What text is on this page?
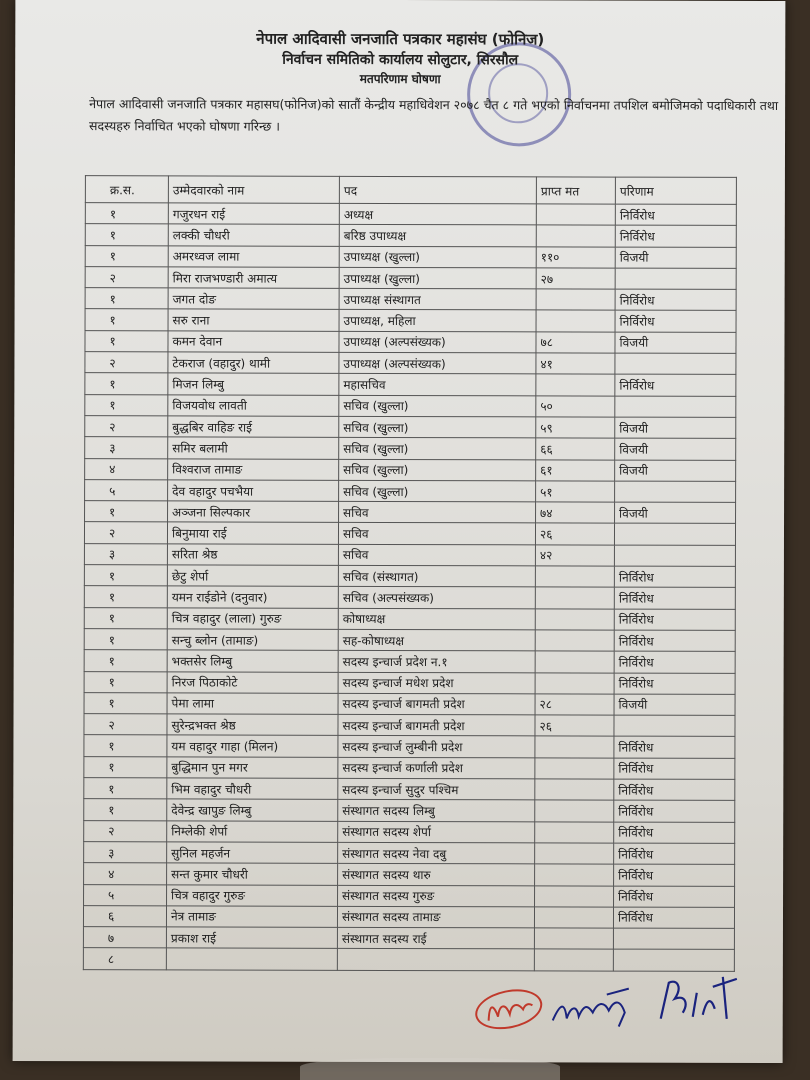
नेपाल आदिवासी जनजाति पत्रकार महासंघ (फोनिज)
निर्वाचन समितिको कार्यालय सोलुटार, सिरसौल
मतपरिणाम घोषणा
नेपाल आदिवासी जनजाति पत्रकार महासघ(फोनिज)को सातौं केन्द्रीय महाधिवेशन २०७८ चैत ८ गते भएको निर्वाचनमा तपशिल बमोजिमको पदाधिकारी तथा सदस्यहरु निर्वाचित भएको घोषणा गरिन्छ ।
क्र.स.	उम्मेदवारको नाम	पद	प्राप्त मत	परिणाम
१	गजुरधन राई	अध्यक्ष		निर्विरोध
१	लक्की चौधरी	बरिष्ठ उपाध्यक्ष		निर्विरोध
१	अमरध्वज लामा	उपाध्यक्ष (खुल्ला)	११०	विजयी
२	मिरा राजभण्डारी अमात्य	उपाध्यक्ष (खुल्ला)	२७	
१	जगत दोङ	उपाध्यक्ष संस्थागत		निर्विरोध
१	सरु राना	उपाध्यक्ष, महिला		निर्विरोध
१	कमन देवान	उपाध्यक्ष (अल्पसंख्यक)	७८	विजयी
२	टेकराज (वहादुर) थामी	उपाध्यक्ष (अल्पसंख्यक)	४१	
१	मिजन लिम्बु	महासचिव		निर्विरोध
१	विजयवोध लावती	सचिव (खुल्ला)	५०	
२	बुद्धबिर वाहिङ राई	सचिव (खुल्ला)	५९	विजयी
३	समिर बलामी	सचिव (खुल्ला)	६६	विजयी
४	विश्वराज तामाङ	सचिव (खुल्ला)	६१	विजयी
५	देव वहादुर पचभैया	सचिव (खुल्ला)	५१	
१	अञ्जना सिल्पकार	सचिव	७४	विजयी
२	बिनुमाया राई	सचिव	२६	
३	सरिता श्रेष्ठ	सचिव	४२	
१	छेटु शेर्पा	सचिव (संस्थागत)		निर्विरोध
१	यमन राईडोने (दनुवार)	सचिव (अल्पसंख्यक)		निर्विरोध
१	चित्र वहादुर (लाला) गुरुङ	कोषाध्यक्ष		निर्विरोध
१	सन्चु ब्लोन (तामाङ)	सह-कोषाध्यक्ष		निर्विरोध
१	भक्तसेर लिम्बु	सदस्य इन्चार्ज प्रदेश न.१		निर्विरोध
१	निरज पिठाकोटे	सदस्य इन्चार्ज मधेश प्रदेश		निर्विरोध
१	पेमा लामा	सदस्य इन्चार्ज बागमती प्रदेश	२८	विजयी
२	सुरेन्द्रभक्त श्रेष्ठ	सदस्य इन्चार्ज बागमती प्रदेश	२६	
१	यम वहादुर गाहा (मिलन)	सदस्य इन्चार्ज लुम्बीनी प्रदेश		निर्विरोध
१	बुद्धिमान पुन मगर	सदस्य इन्चार्ज कर्णाली प्रदेश		निर्विरोध
१	भिम वहादुर चौधरी	सदस्य इन्चार्ज सुदुर पश्चिम		निर्विरोध
१	देवेन्द्र खापुङ लिम्बु	संस्थागत सदस्य लिम्बु		निर्विरोध
२	निम्लेकी शेर्पा	संस्थागत सदस्य शेर्पा		निर्विरोध
३	सुनिल महर्जन	संस्थागत सदस्य नेवा दबु		निर्विरोध
४	सन्त कुमार चौधरी	संस्थागत सदस्य थारु		निर्विरोध
५	चित्र वहादुर गुरुङ	संस्थागत सदस्य गुरुङ		निर्विरोध
६	नेत्र तामाङ	संस्थागत सदस्य तामाङ		निर्विरोध
७	प्रकाश राई	संस्थागत सदस्य राई		
८				
